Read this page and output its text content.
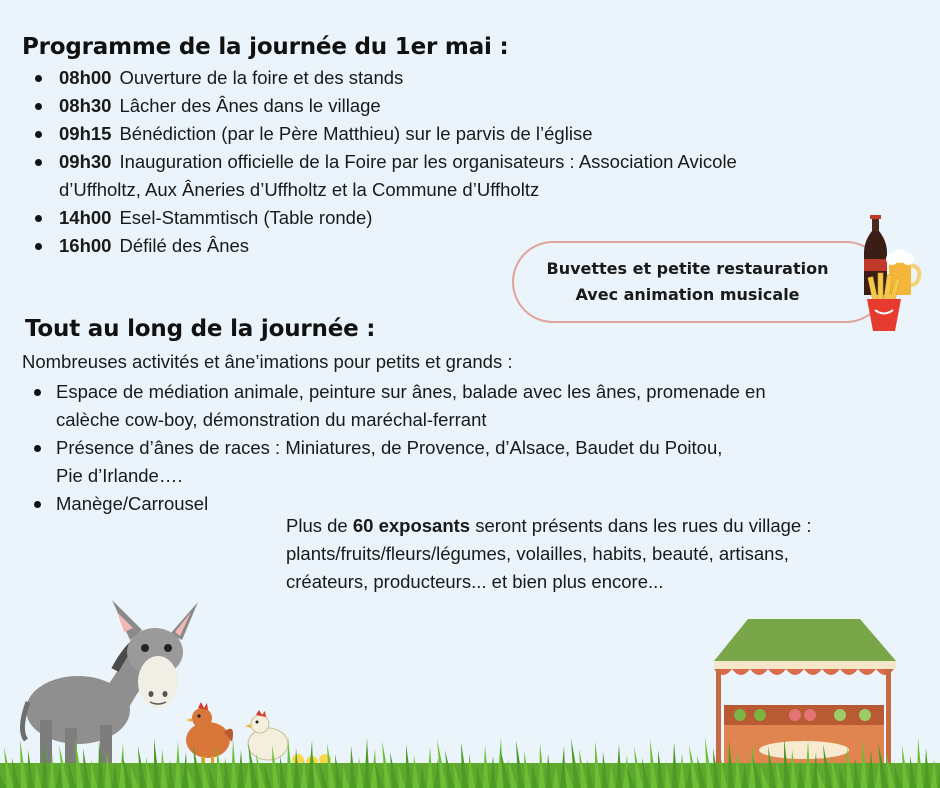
Programme de la journée du 1er mai :
08h00 Ouverture de la foire et des stands
08h30 Lâcher des Ânes dans le village
09h15 Bénédiction (par le Père Matthieu) sur le parvis de l’église
09h30 Inauguration officielle de la Foire par les organisateurs : Association Avicole
d’Uffholtz, Aux Âneries d’Uffholtz et la Commune d’Uffholtz
14h00 Esel-Stammtisch (Table ronde)
16h00 Défilé des Ânes
Buvettes et petite restauration
Avec animation musicale
Tout au long de la journée :
Nombreuses activités et âne’imations pour petits et grands :
Espace de médiation animale, peinture sur ânes, balade avec les ânes, promenade en
calèche cow-boy, démonstration du maréchal-ferrant
Présence d’ânes de races : Miniatures, de Provence, d’Alsace, Baudet du Poitou,
Pie d’Irlande….
Manège/Carrousel
Plus de 60 exposants seront présents dans les rues du village :
plants/fruits/fleurs/légumes, volailles, habits, beauté, artisans,
créateurs, producteurs... et bien plus encore...
